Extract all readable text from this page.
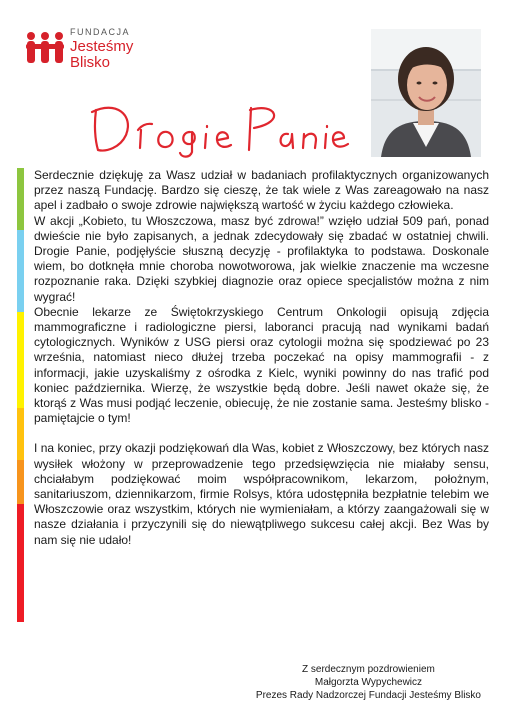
FUNDACJA
Jesteśmy
Blisko

Serdecznie dziękuję za Wasz udział w badaniach profilaktycznych organizowanych przez naszą Fundację. Bardzo się cieszę, że tak wiele z Was zareagowało na nasz apel i zadbało o swoje zdrowie największą wartość w życiu każdego człowieka.

W akcji „Kobieto, tu Włoszczowa, masz być zdrowa!” wzięło udział 509 pań, ponad dwieście nie było zapisanych, a jednak zdecydowały się zbadać w ostatniej chwili. Drogie Panie, podjęłyście słuszną decyzję - profilaktyka to podstawa. Doskonale wiem, bo dotknęła mnie choroba nowotworowa, jak wielkie znaczenie ma wczesne rozpoznanie raka. Dzięki szybkiej diagnozie oraz opiece specjalistów można z nim wygrać!

Obecnie lekarze ze Świętokrzyskiego Centrum Onkologii opisują zdjęcia mammograficzne i radiologiczne piersi, laboranci pracują nad wynikami badań cytologicznych. Wyników z USG piersi oraz cytologii można się spodziewać po 23 września, natomiast nieco dłużej trzeba poczekać na opisy mammografii - z informacji, jakie uzyskaliśmy z ośrodka z Kielc, wyniki powinny do nas trafić pod koniec października. Wierzę, że wszystkie będą dobre. Jeśli nawet okaże się, że ktorąś z Was musi podjąć leczenie, obiecuję, że nie zostanie sama. Jesteśmy blisko - pamiętajcie o tym!

I na koniec, przy okazji podziękowań dla Was, kobiet z Włoszczowy, bez których nasz wysiłek włożony w przeprowadzenie tego przedsięwzięcia nie miałaby sensu, chciałabym podziękować moim współpracownikom, lekarzom, położnym, sanitariuszom, dziennikarzom, firmie Rolsys, która udostępniła bezpłatnie telebim we Włoszczowie oraz wszystkim, których nie wymieniałam, a którzy zaangażowali się w nasze działania i przyczynili się do niewątpliwego sukcesu całej akcji. Bez Was by nam się nie udało!

Z serdecznym pozdrowieniem
Małgorzta Wypychewicz
Prezes Rady Nadzorczej Fundacji Jesteśmy Blisko
